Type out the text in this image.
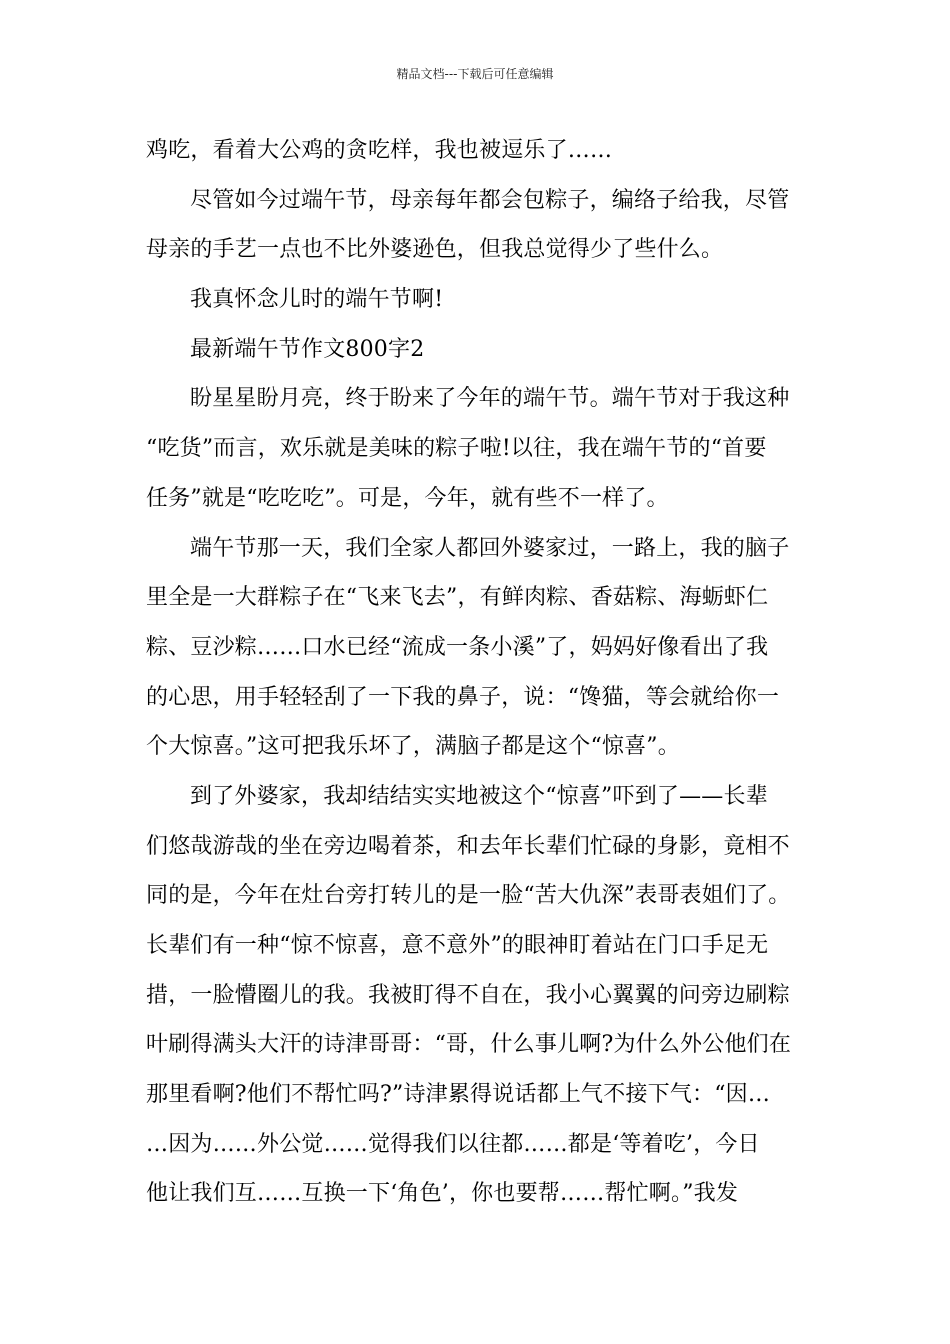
精品文档---下载后可任意编辑
鸡吃，看着大公鸡的贪吃样，我也被逗乐了……
尽管如今过端午节，母亲每年都会包粽子，编络子给我，尽管
母亲的手艺一点也不比外婆逊色，但我总觉得少了些什么。
我真怀念儿时的端午节啊!
最新端午节作文800字2
盼星星盼月亮，终于盼来了今年的端午节。端午节对于我这种
“吃货”而言，欢乐就是美味的粽子啦!以往，我在端午节的“首要
任务”就是“吃吃吃”。可是，今年，就有些不一样了。
端午节那一天，我们全家人都回外婆家过，一路上，我的脑子
里全是一大群粽子在“飞来飞去”，有鲜肉粽、香菇粽、海蛎虾仁
粽、豆沙粽……口水已经“流成一条小溪”了，妈妈好像看出了我
的心思，用手轻轻刮了一下我的鼻子，说：“馋猫，等会就给你一
个大惊喜。”这可把我乐坏了，满脑子都是这个“惊喜”。
到了外婆家，我却结结实实地被这个“惊喜”吓到了——长辈
们悠哉游哉的坐在旁边喝着茶，和去年长辈们忙碌的身影，竟相不
同的是，今年在灶台旁打转儿的是一脸“苦大仇深”表哥表姐们了。
长辈们有一种“惊不惊喜，意不意外”的眼神盯着站在门口手足无
措，一脸懵圈儿的我。我被盯得不自在，我小心翼翼的问旁边刷粽
叶刷得满头大汗的诗津哥哥：“哥，什么事儿啊?为什么外公他们在
那里看啊?他们不帮忙吗?”诗津累得说话都上气不接下气：“因…
…因为……外公觉……觉得我们以往都……都是‘等着吃’，今日
他让我们互……互换一下‘角色’，你也要帮……帮忙啊。”我发
